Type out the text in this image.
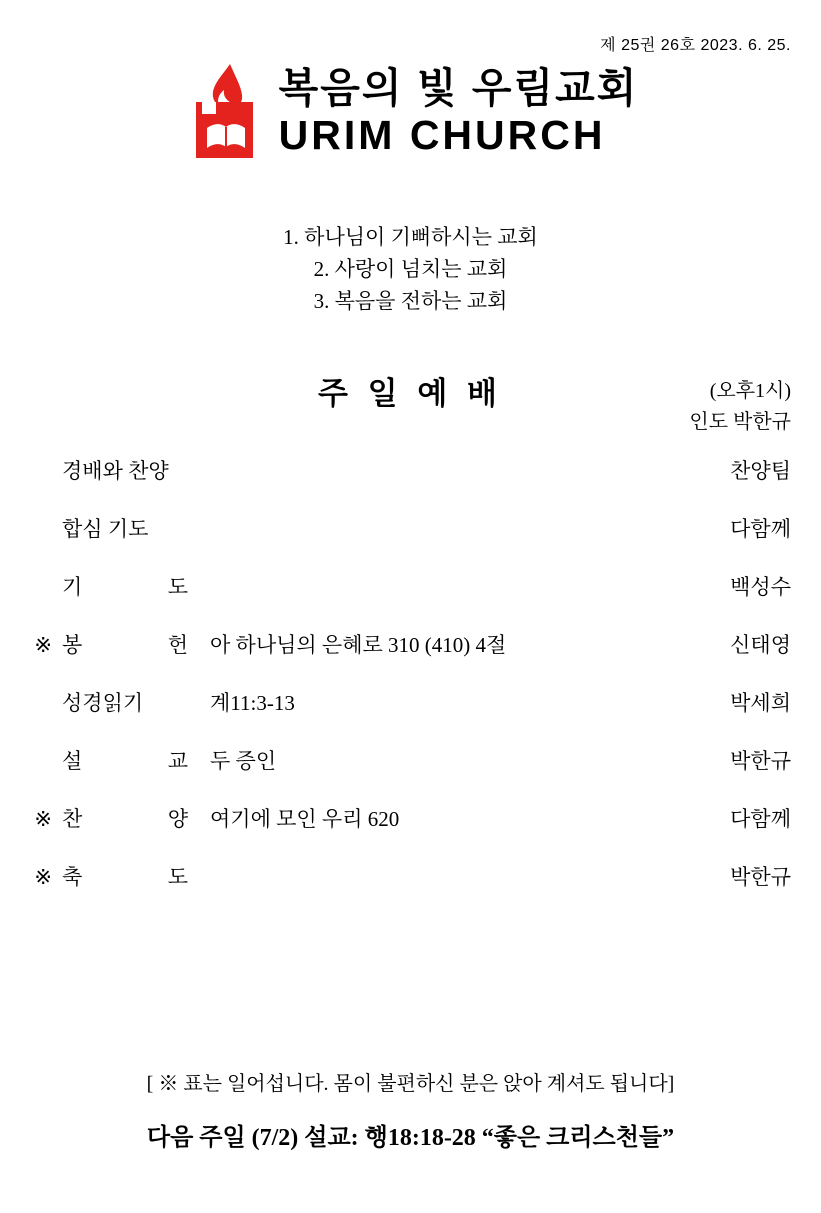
제 25권 26호 2023. 6. 25.
복음의 빛 우림교회
URIM CHURCH
1. 하나님이 기뻐하시는 교회
2. 사랑이 넘치는 교회
3. 복음을 전하는 교회
주 일 예 배	(오후1시)
인도 박한규
경배와 찬양	찬양팀
합심 기도	다함께
기	도	백성수
※ 봉	헌 아 하나님의 은혜로 310 (410) 4절	신태영
성경읽기	계11:3-13	박세희
설	교 두 증인	박한규
※ 찬	양 여기에 모인 우리 620	다함께
※ 축	도	박한규
[ ※ 표는 일어섭니다. 몸이 불편하신 분은 앉아 계셔도 됩니다]
다음 주일 (7/2) 설교: 행18:18-28 “좋은 크리스천들”
